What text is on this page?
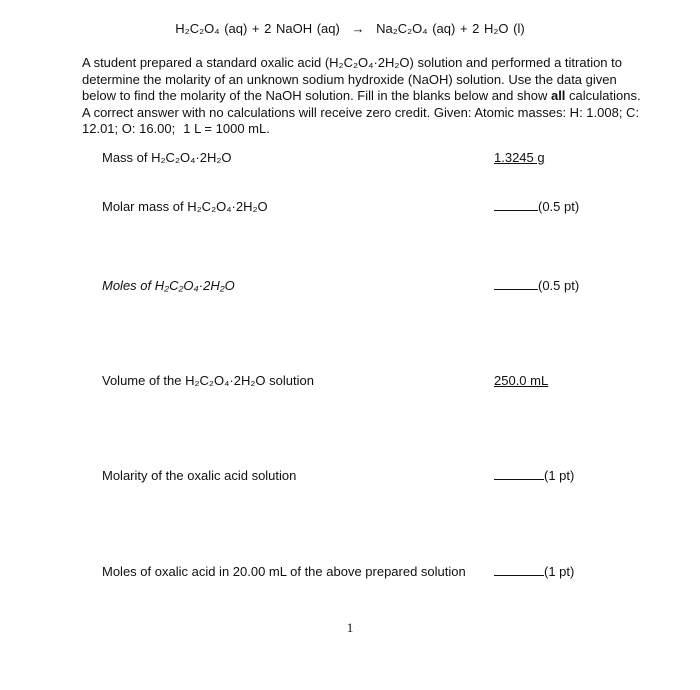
H₂C₂O₄ (aq) + 2 NaOH (aq) → Na₂C₂O₄ (aq) + 2 H₂O (l)
A student prepared a standard oxalic acid (H₂C₂O₄·2H₂O) solution and performed a titration to determine the molarity of an unknown sodium hydroxide (NaOH) solution. Use the data given below to find the molarity of the NaOH solution. Fill in the blanks below and show all calculations. A correct answer with no calculations will receive zero credit. Given: Atomic masses: H: 1.008; C: 12.01; O: 16.00; 1 L = 1000 mL.
Mass of H₂C₂O₄·2H₂O	1.3245 g
Molar mass of H₂C₂O₄·2H₂O	(0.5 pt)
Moles of H₂C₂O₄·2H₂O	(0.5 pt)
Volume of the H₂C₂O₄·2H₂O solution	250.0 mL
Molarity of the oxalic acid solution	(1 pt)
Moles of oxalic acid in 20.00 mL of the above prepared solution	(1 pt)
1
